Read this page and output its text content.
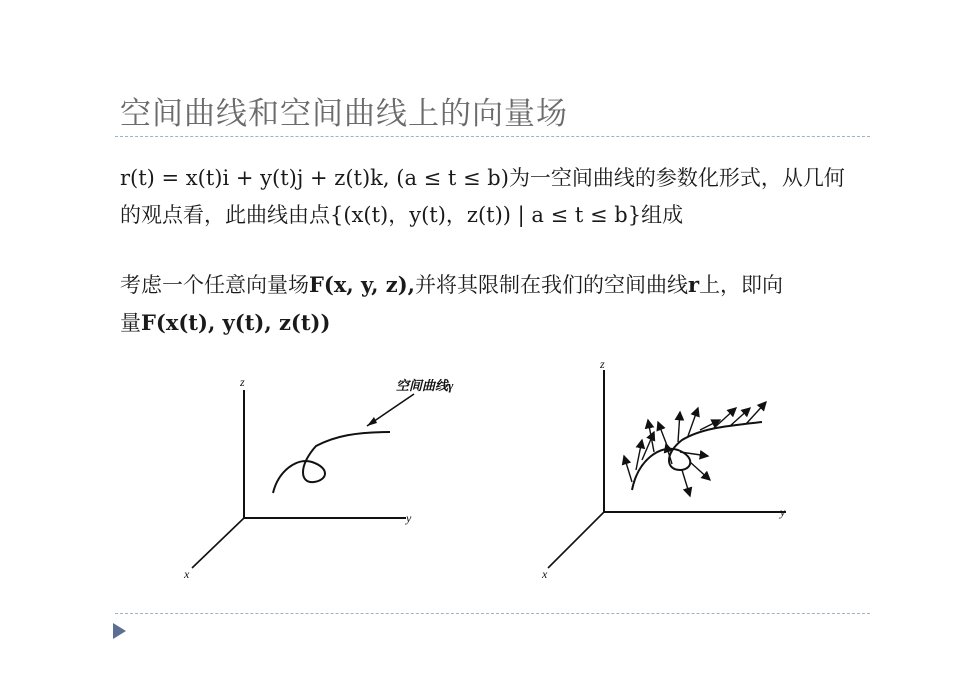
空间曲线和空间曲线上的向量场
r(t) = x(t)i + y(t)j + z(t)k, (a ≤ t ≤ b)为一空间曲线的参数化形式，从几何
的观点看，此曲线由点{(x(t)，y(t)，z(t)) | a ≤ t ≤ b}组成
考虑一个任意向量场F(x, y, z),并将其限制在我们的空间曲线r上，即向
量F(x(t), y(t), z(t))
z
y
x
空间曲线γ
z
y
x
